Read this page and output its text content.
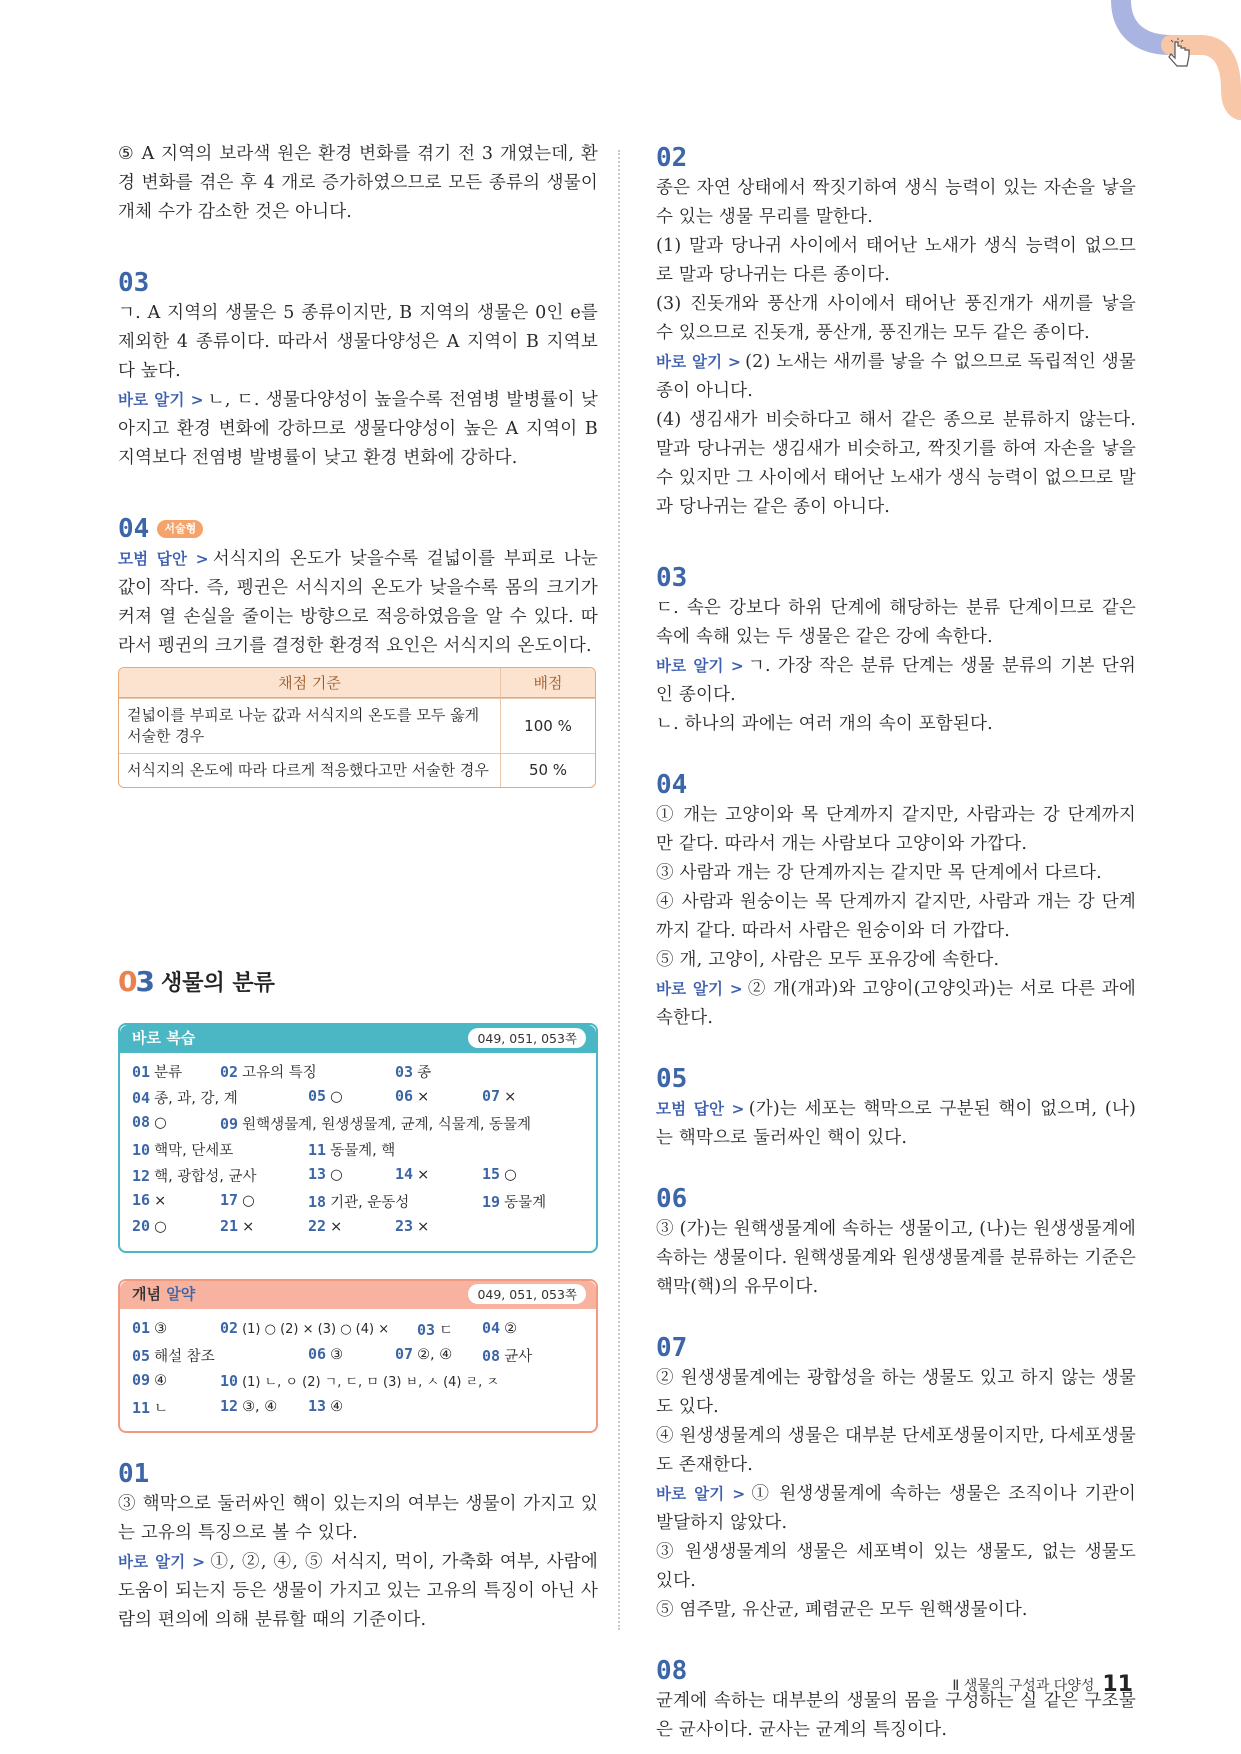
⑤ A 지역의 보라색 원은 환경 변화를 겪기 전 3 개였는데, 환경 변화를 겪은 후 4 개로 증가하였으므로 모든 종류의 생물이 개체 수가 감소한 것은 아니다.

03

ㄱ. A 지역의 생물은 5 종류이지만, B 지역의 생물은 0인 e를 제외한 4 종류이다. 따라서 생물다양성은 A 지역이 B 지역보다 높다.

바로 알기 > ㄴ, ㄷ. 생물다양성이 높을수록 전염병 발병률이 낮아지고 환경 변화에 강하므로 생물다양성이 높은 A 지역이 B 지역보다 전염병 발병률이 낮고 환경 변화에 강하다.

04	서술형

모범 답안 > 서식지의 온도가 낮을수록 겉넓이를 부피로 나눈 값이 작다. 즉, 펭귄은 서식지의 온도가 낮을수록 몸의 크기가 커져 열 손실을 줄이는 방향으로 적응하였음을 알 수 있다. 따라서 펭귄의 크기를 결정한 환경적 요인은 서식지의 온도이다.

채점 기준	배점
겉넓이를 부피로 나눈 값과 서식지의 온도를 모두 옳게 서술한 경우	100 %
서식지의 온도에 따라 다르게 적응했다고만 서술한 경우	50 %
03 생물의 분류
바로 복습	049, 051, 053쪽
01 분류	02 고유의 특징	03 종
04 종, 과, 강, 계	05 ○	06 ×	07 ×
08 ○	09 원핵생물계, 원생생물계, 균계, 식물계, 동물계
10 핵막, 단세포	11 동물계, 핵
12 핵, 광합성, 균사	13 ○	14 ×	15 ○
16 ×	17 ○	18 기관, 운동성	19 동물계
20 ○	21 ×	22 ×	23 ×
개념 알약	049, 051, 053쪽
01 ③	02 (1) ○ (2) × (3) ○ (4) × 03 ㄷ 04 ②
05 해설 참조	06 ③	07 ②, ④ 08 균사
09 ④	10 (1) ㄴ, ㅇ (2) ㄱ, ㄷ, ㅁ (3) ㅂ, ㅅ (4) ㄹ, ㅈ
11 ㄴ	12 ③, ④ 13 ④
01

③ 핵막으로 둘러싸인 핵이 있는지의 여부는 생물이 가지고 있는 고유의 특징으로 볼 수 있다.

바로 알기 > ①, ②, ④, ⑤ 서식지, 먹이, 가축화 여부, 사람에 도움이 되는지 등은 생물이 가지고 있는 고유의 특징이 아닌 사람의 편의에 의해 분류할 때의 기준이다.

02

종은 자연 상태에서 짝짓기하여 생식 능력이 있는 자손을 낳을 수 있는 생물 무리를 말한다.

(1) 말과 당나귀 사이에서 태어난 노새가 생식 능력이 없으므로 말과 당나귀는 다른 종이다.

(3) 진돗개와 풍산개 사이에서 태어난 풍진개가 새끼를 낳을 수 있으므로 진돗개, 풍산개, 풍진개는 모두 같은 종이다.

바로 알기 > (2) 노새는 새끼를 낳을 수 없으므로 독립적인 생물종이 아니다.

(4) 생김새가 비슷하다고 해서 같은 종으로 분류하지 않는다. 말과 당나귀는 생김새가 비슷하고, 짝짓기를 하여 자손을 낳을 수 있지만 그 사이에서 태어난 노새가 생식 능력이 없으므로 말과 당나귀는 같은 종이 아니다.

03

ㄷ. 속은 강보다 하위 단계에 해당하는 분류 단계이므로 같은 속에 속해 있는 두 생물은 같은 강에 속한다.

바로 알기 > ㄱ. 가장 작은 분류 단계는 생물 분류의 기본 단위인 종이다.

ㄴ. 하나의 과에는 여러 개의 속이 포함된다.

04

① 개는 고양이와 목 단계까지 같지만, 사람과는 강 단계까지만 같다. 따라서 개는 사람보다 고양이와 가깝다.

③ 사람과 개는 강 단계까지는 같지만 목 단계에서 다르다.

④ 사람과 원숭이는 목 단계까지 같지만, 사람과 개는 강 단계까지 같다. 따라서 사람은 원숭이와 더 가깝다.

⑤ 개, 고양이, 사람은 모두 포유강에 속한다.

바로 알기 > ② 개(개과)와 고양이(고양잇과)는 서로 다른 과에 속한다.

05

모범 답안 > (가)는 세포는 핵막으로 구분된 핵이 없으며, (나)는 핵막으로 둘러싸인 핵이 있다.

06

③ (가)는 원핵생물계에 속하는 생물이고, (나)는 원생생물계에 속하는 생물이다. 원핵생물계와 원생생물계를 분류하는 기준은 핵막(핵)의 유무이다.

07

② 원생생물계에는 광합성을 하는 생물도 있고 하지 않는 생물도 있다.

④ 원생생물계의 생물은 대부분 단세포생물이지만, 다세포생물도 존재한다.

바로 알기 > ① 원생생물계에 속하는 생물은 조직이나 기관이 발달하지 않았다.

③ 원생생물계의 생물은 세포벽이 있는 생물도, 없는 생물도 있다.

⑤ 염주말, 유산균, 폐렴균은 모두 원핵생물이다.

08

균계에 속하는 대부분의 생물의 몸을 구성하는 실 같은 구조물은 균사이다. 균사는 균계의 특징이다.

Ⅱ 생물의 구성과 다양성 11
